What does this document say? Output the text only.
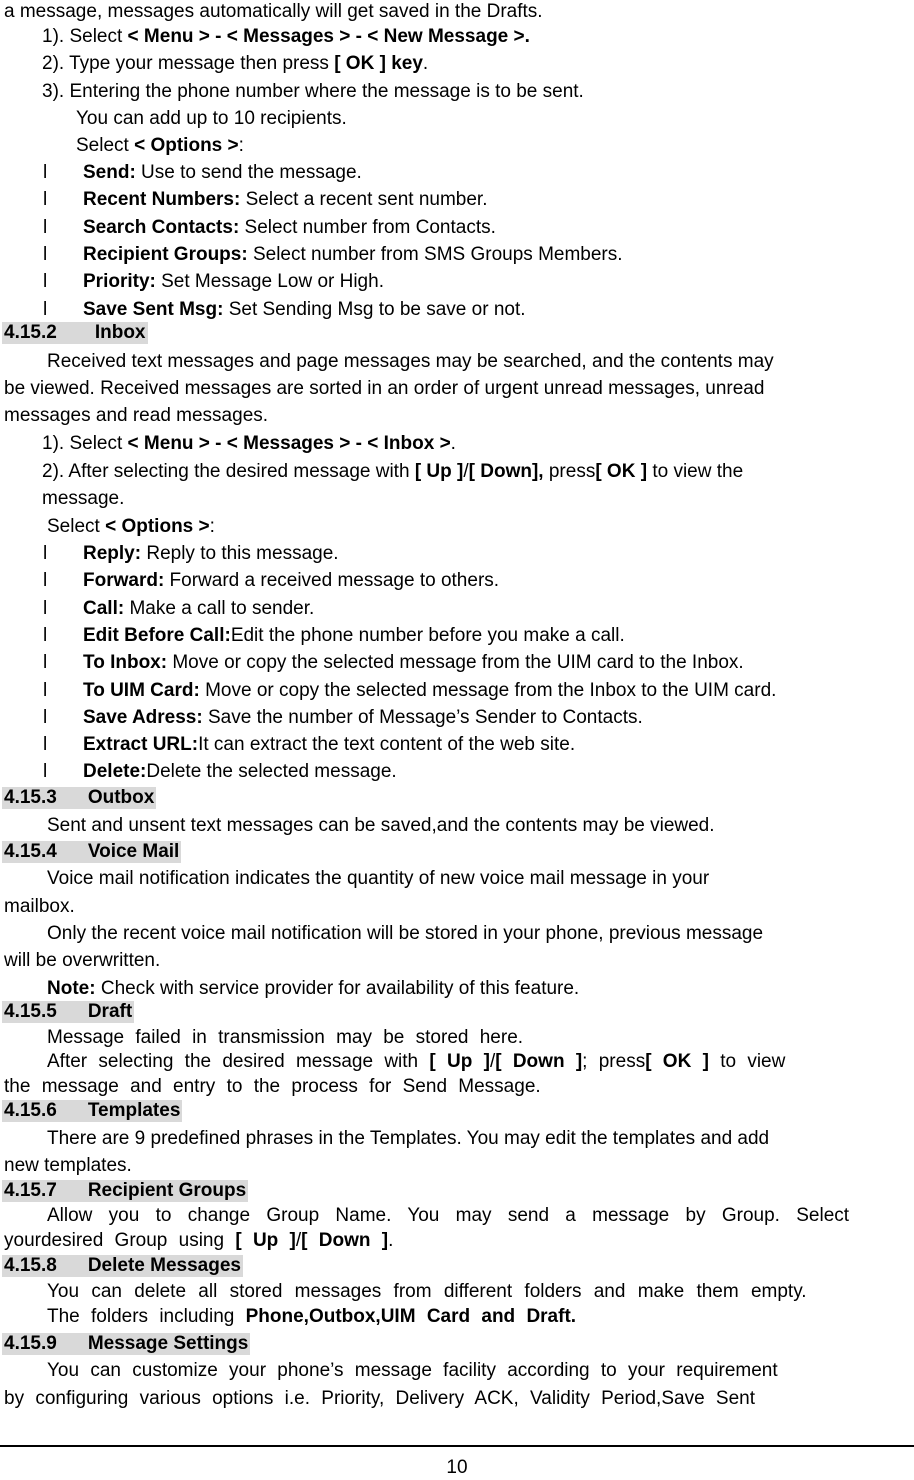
a message, messages automatically will get saved in the Drafts.
1). Select < Menu > - < Messages > - < New Message >.
2). Type your message then press [ OK ] key.
3). Entering the phone number where the message is to be sent.
You can add up to 10 recipients.
Select < Options >:
l Send: Use to send the message.
l Recent Numbers: Select a recent sent number.
l Search Contacts: Select number from Contacts.
l Recipient Groups: Select number from SMS Groups Members.
l Priority: Set Message Low or High.
l Save Sent Msg: Set Sending Msg to be save or not.
4.15.2 Inbox
Received text messages and page messages may be searched, and the contents may
be viewed. Received messages are sorted in an order of urgent unread messages, unread
messages and read messages.
1). Select < Menu > - < Messages > - < Inbox >.
2). After selecting the desired message with [ Up ]/[ Down], press[ OK ] to view the
message.
Select < Options >:
l Reply: Reply to this message.
l Forward: Forward a received message to others.
l Call: Make a call to sender.
l Edit Before Call:Edit the phone number before you make a call.
l To Inbox: Move or copy the selected message from the UIM card to the Inbox.
l To UIM Card: Move or copy the selected message from the Inbox to the UIM card.
l Save Adress: Save the number of Message’s Sender to Contacts.
l Extract URL:It can extract the text content of the web site.
l Delete:Delete the selected message.
4.15.3 Outbox
Sent and unsent text messages can be saved,and the contents may be viewed.
4.15.4 Voice Mail
Voice mail notification indicates the quantity of new voice mail message in your
mailbox.
Only the recent voice mail notification will be stored in your phone, previous message
will be overwritten.
Note: Check with service provider for availability of this feature.
4.15.5 Draft
Message failed in transmission may be stored here.
After selecting the desired message with [ Up ]/[ Down ]; press[ OK ] to view
the message and entry to the process for Send Message.
4.15.6 Templates
There are 9 predefined phrases in the Templates. You may edit the templates and add
new templates.
4.15.7 Recipient Groups
Allow you to change Group Name. You may send a message by Group. Select
yourdesired Group using [ Up ]/[ Down ].
4.15.8 Delete Messages
You can delete all stored messages from different folders and make them empty.
The folders including Phone,Outbox,UIM Card and Draft.
4.15.9 Message Settings
You can customize your phone’s message facility according to your requirement
by configuring various options i.e. Priority, Delivery ACK, Validity Period,Save Sent
10
